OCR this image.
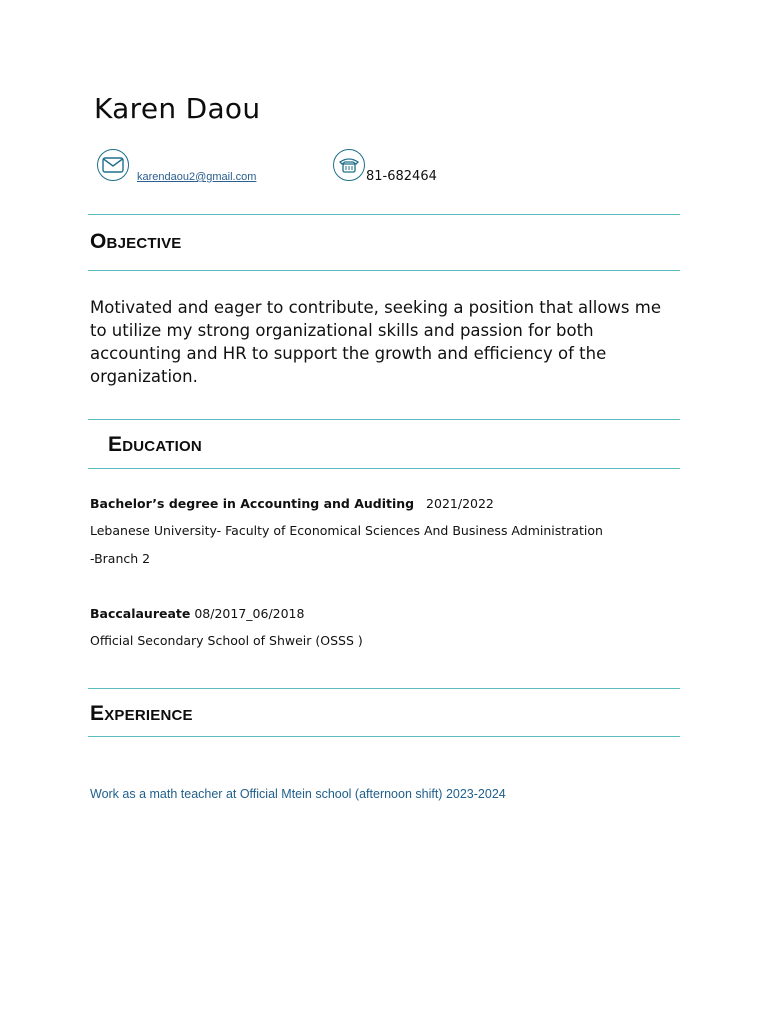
Karen Daou
karendaou2@gmail.com	81-682464
OBJECTIVE
Motivated and eager to contribute, seeking a position that allows me to utilize my strong organizational skills and passion for both accounting and HR to support the growth and efficiency of the organization.
EDUCATION
Bachelor’s degree in Accounting and Auditing 2021/2022
Lebanese University- Faculty of Economical Sciences And Business Administration
-Branch 2
Baccalaureate 08/2017_06/2018
Official Secondary School of Shweir (OSSS )
EXPERIENCE
Work as a math teacher at Official Mtein school (afternoon shift) 2023-2024
